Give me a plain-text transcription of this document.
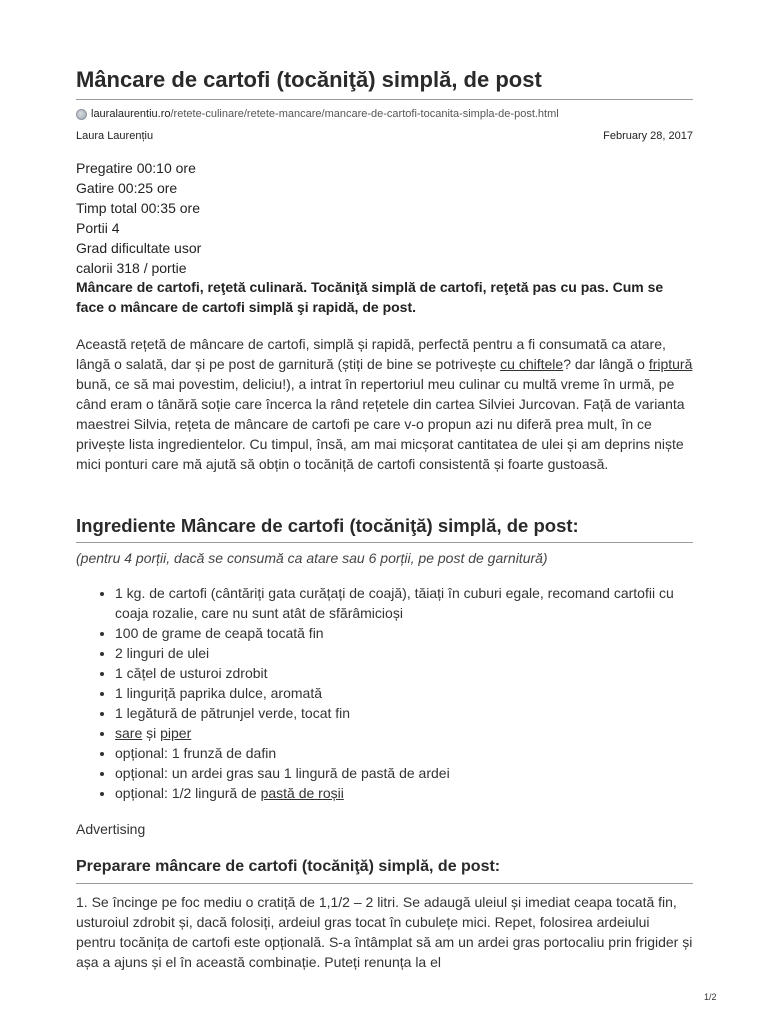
Mâncare de cartofi (tocăniţă) simplă, de post
lauralaurentiu.ro /retete-culinare/retete-mancare/mancare-de-cartofi-tocanita-simpla-de-post.html
Laura Laurențiu	February 28, 2017
Pregatire 00:10 ore
Gatire 00:25 ore
Timp total 00:35 ore
Portii 4
Grad dificultate usor
calorii 318 / portie
Mâncare de cartofi, reţetă culinară. Tocăniţă simplă de cartofi, reţetă pas cu pas. Cum se face o mâncare de cartofi simplă şi rapidă, de post.
Această rețetă de mâncare de cartofi, simplă și rapidă, perfectă pentru a fi consumată ca atare, lângă o salată, dar și pe post de garnitură (știți de bine se potrivește cu chiftele? dar lângă o friptură bună, ce să mai povestim, deliciu!), a intrat în repertoriul meu culinar cu multă vreme în urmă, pe când eram o tânără soție care încerca la rând rețetele din cartea Silviei Jurcovan. Față de varianta maestrei Silvia, rețeta de mâncare de cartofi pe care v-o propun azi nu diferă prea mult, în ce privește lista ingredientelor. Cu timpul, însă, am mai micșorat cantitatea de ulei și am deprins niște mici ponturi care mă ajută să obțin o tocăniță de cartofi consistentă și foarte gustoasă.
Ingrediente Mâncare de cartofi (tocăniţă) simplă, de post:
(pentru 4 porții, dacă se consumă ca atare sau 6 porții, pe post de garnitură)
• 1 kg. de cartofi (cântăriți gata curățați de coajă), tăiați în cuburi egale, recomand cartofii cu coaja rozalie, care nu sunt atât de sfărâmicioși
• 100 de grame de ceapă tocată fin
• 2 linguri de ulei
• 1 cățel de usturoi zdrobit
• 1 linguriță paprika dulce, aromată
• 1 legătură de pătrunjel verde, tocat fin
• sare și piper
• opțional: 1 frunză de dafin
• opțional: un ardei gras sau 1 lingură de pastă de ardei
• opțional: 1/2 lingură de pastă de roșii
Advertising
Preparare mâncare de cartofi (tocăniţă) simplă, de post:
1. Se încinge pe foc mediu o cratiță de 1,1/2 – 2 litri. Se adaugă uleiul și imediat ceapa tocată fin, usturoiul zdrobit și, dacă folosiți, ardeiul gras tocat în cubulețe mici. Repet, folosirea ardeiului pentru tocănița de cartofi este opțională. S-a întâmplat să am un ardei gras portocaliu prin frigider și așa a ajuns și el în această combinație. Puteți renunța la el
1/2
